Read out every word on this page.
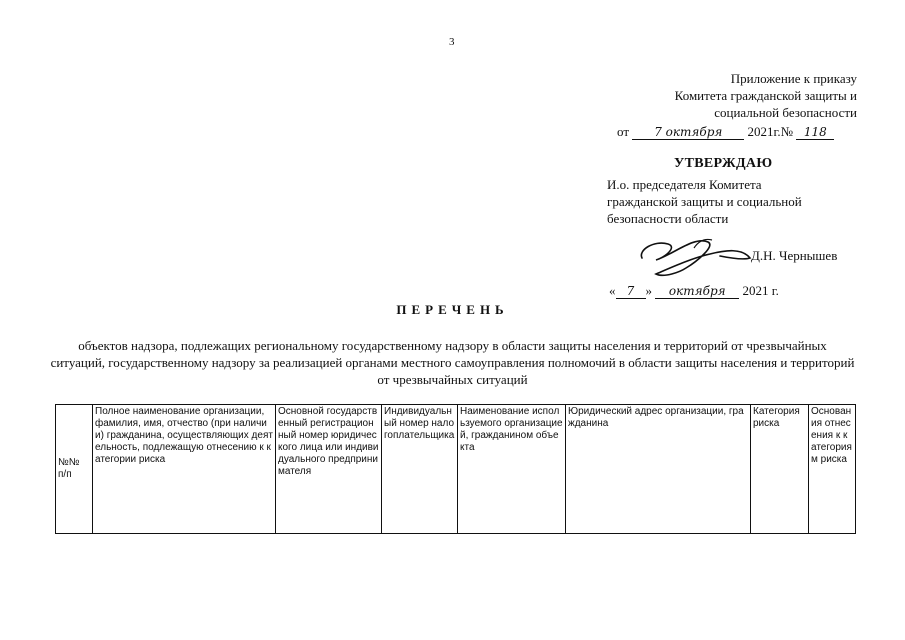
3
Приложение к приказу
Комитета гражданской защиты и
социальной безопасности
от 7 октября 2021г.№ 118
УТВЕРЖДАЮ
И.о. председателя Комитета
гражданской защиты и социальной
безопасности области
Д.Н. Чернышев
« 7 » октября 2021 г.
ПЕРЕЧЕНЬ
объектов надзора, подлежащих региональному государственному надзору в области защиты населения и территорий от чрезвычайных ситуаций, государственному надзору за реализацией органами местного самоуправления полномочий в области защиты населения и территорий от чрезвычайных ситуаций
№№ п/п	Полное наименование организации, фамилия, имя, отчество (при наличии) гражданина, осуществляющих деятельность, подлежащую отнесению к категории риска	Основной государственный регистрационный номер юридического лица или индивидуального предпринимателя	Индивидуальный номер налогоплательщика	Наименование используемого организацией, гражданином объекта	Юридический адрес организации, гражданина	Категория риска	Основания отнесения к категориям риска
